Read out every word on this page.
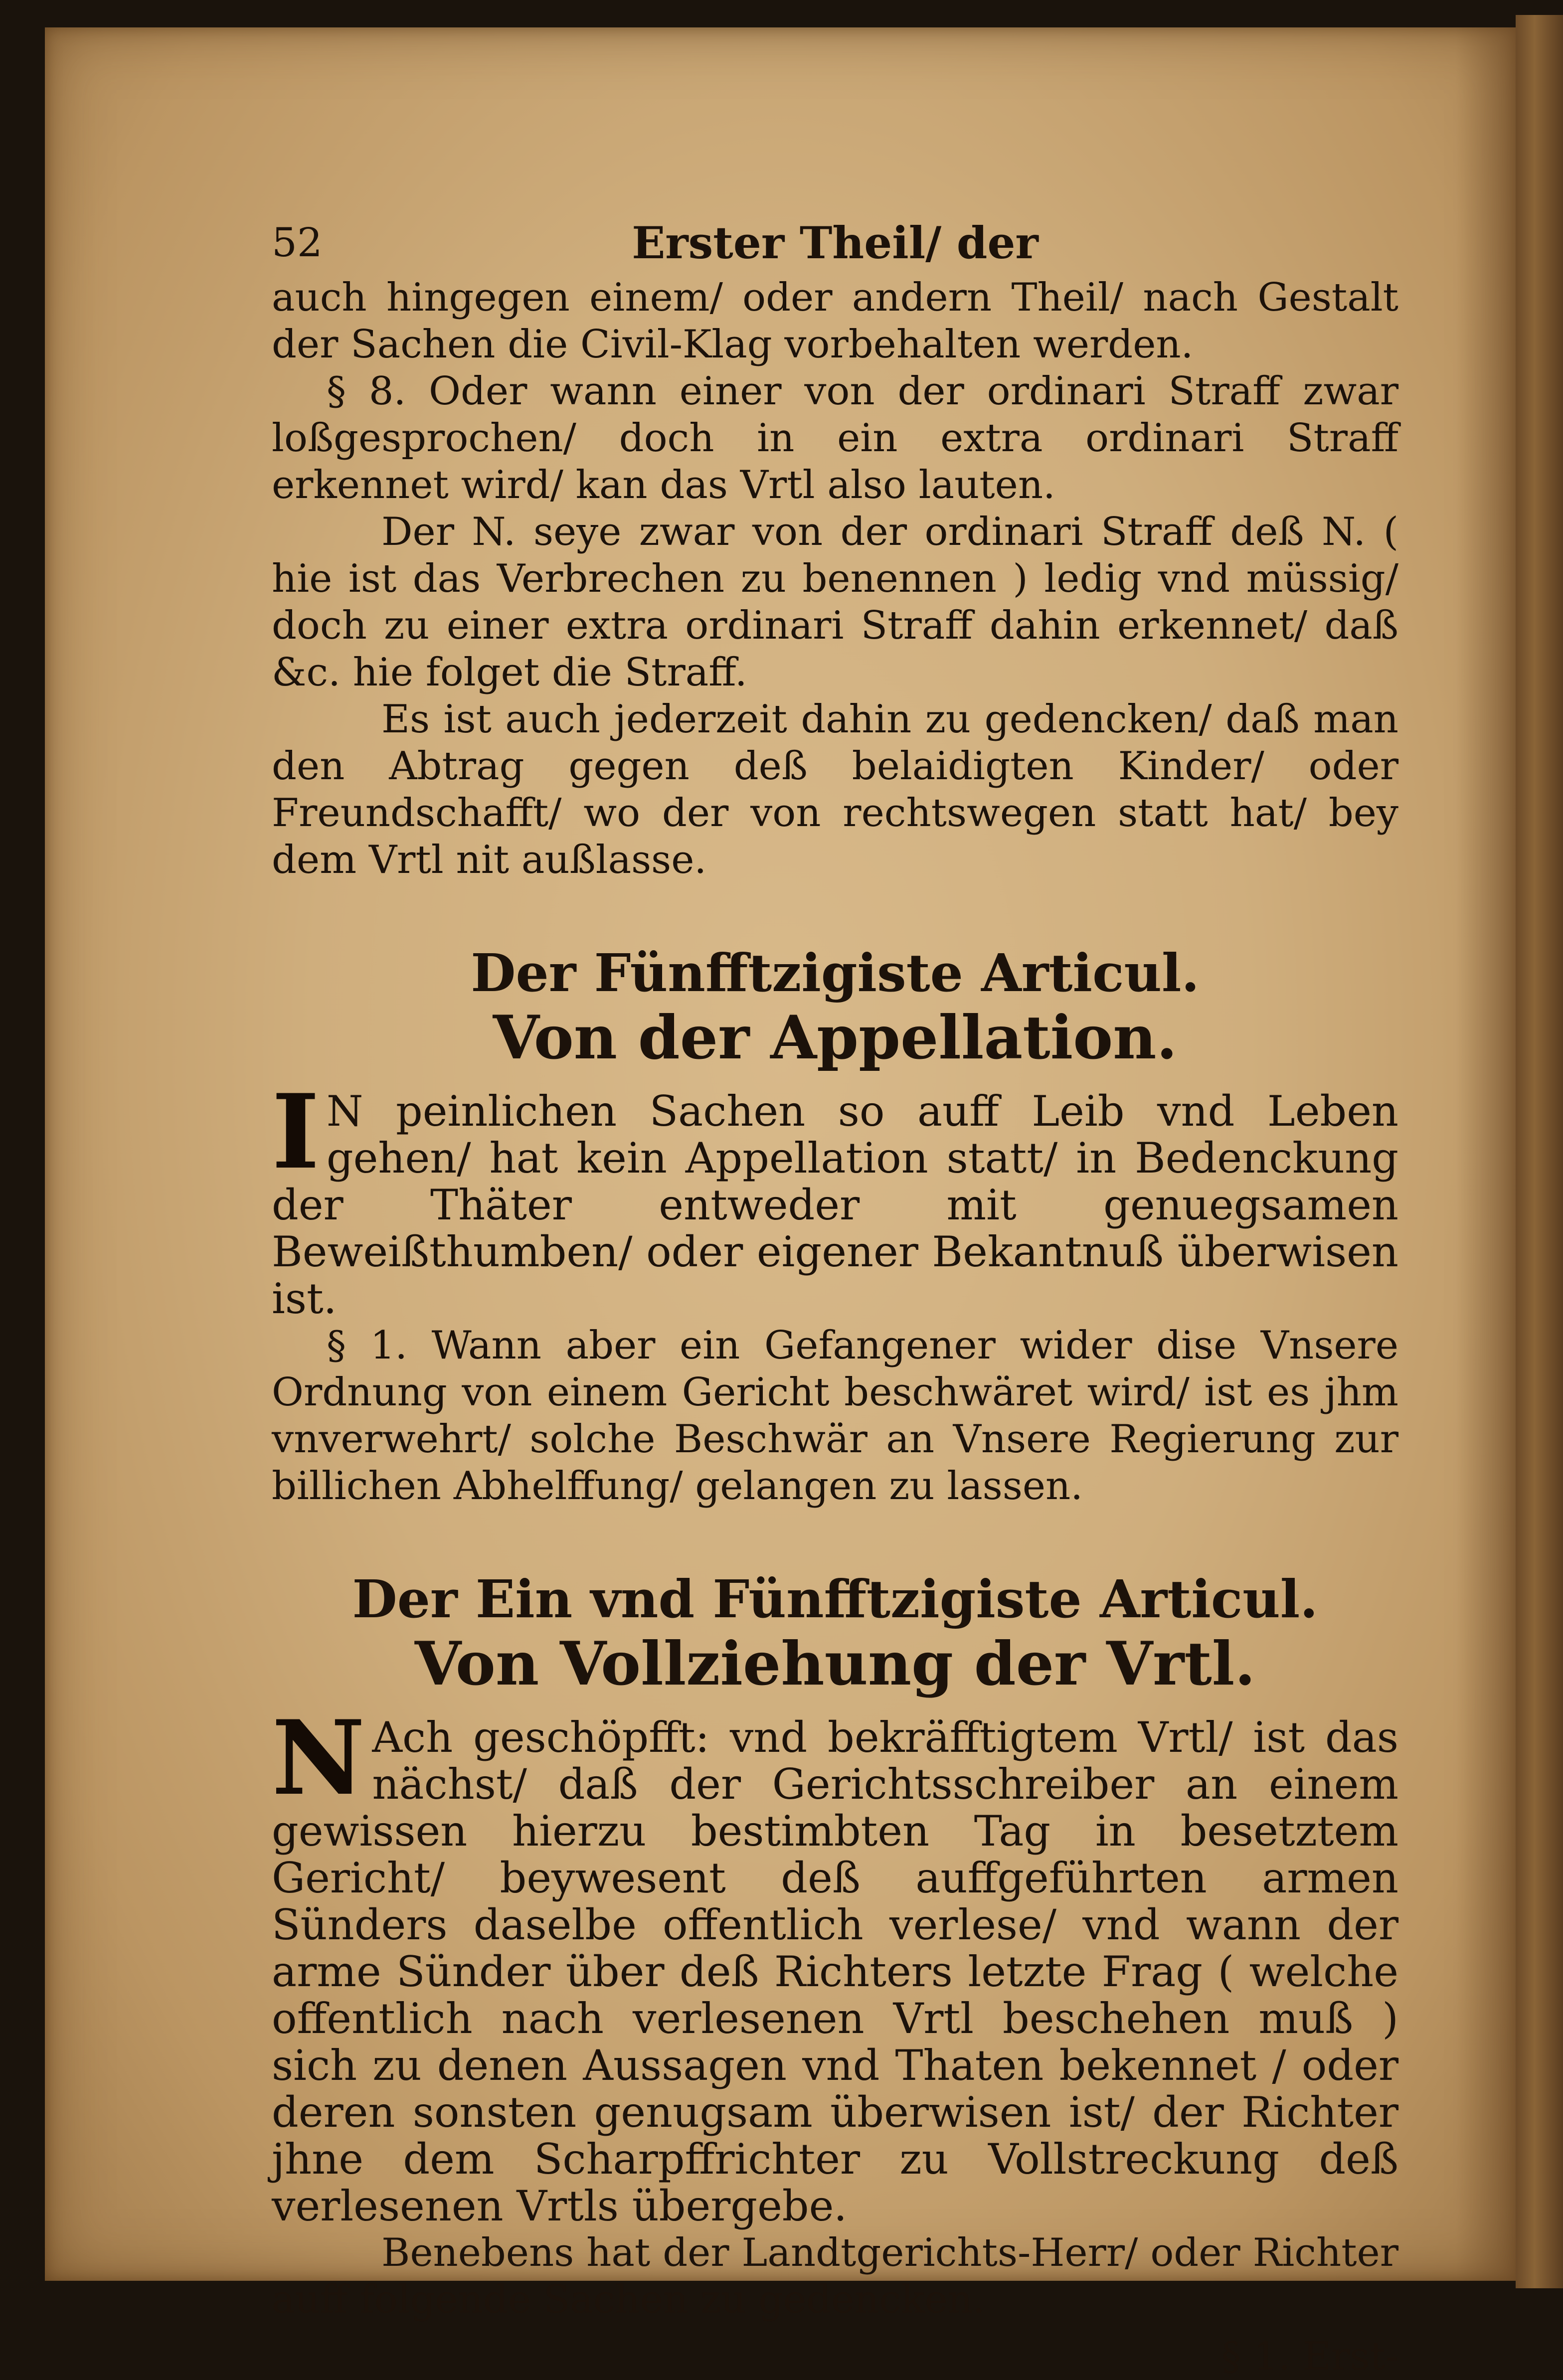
52	Erster Theil/ der

auch hingegen einem/ oder andern Theil/ nach Gestalt der Sachen die Civil-Klag vorbehalten werden.

§ 8. Oder wann einer von der ordinari Straff zwar loßgesprochen/ doch in ein extra ordinari Straff erkennet wird/ kan das Vrtl also lauten.

Der N. seye zwar von der ordinari Straff deß N. ( hie ist das Verbrechen zu benennen ) ledig vnd müssig/ doch zu einer extra ordinari Straff dahin erkennet/ daß &c. hie folget die Straff.

Es ist auch jederzeit dahin zu gedencken/ daß man den Abtrag gegen deß belaidigten Kinder/ oder Freundschafft/ wo der von rechtswegen statt hat/ bey dem Vrtl nit außlasse.

Der Fünfftzigiste Articul.
Von der Appellation.

I N peinlichen Sachen so auff Leib vnd Leben gehen/ hat kein Appellation statt/ in Bedenckung der Thäter entweder mit genuegsamen Beweißthumben/ oder eigener Bekantnuß überwisen ist.

§ 1. Wann aber ein Gefangener wider dise Vnsere Ordnung von einem Gericht beschwäret wird/ ist es jhm vnverwehrt/ solche Beschwär an Vnsere Regierung zur billichen Abhelffung/ gelangen zu lassen.

Der Ein vnd Fünfftzigiste Articul.
Von Vollziehung der Vrtl.

N Ach geschöpfft: vnd bekräfftigtem Vrtl/ ist das nächst/ daß der Gerichtsschreiber an einem gewissen hierzu bestimbten Tag in besetztem Gericht/ beywesent deß auffgeführten armen Sünders daselbe offentlich verlese/ vnd wann der arme Sünder über deß Richters letzte Frag ( welche offentlich nach verlesenen Vrtl beschehen muß ) sich zu denen Aussagen vnd Thaten bekennet / oder deren sonsten genugsam überwisen ist/ der Richter jhne dem Scharpffrichter zu Vollstreckung deß verlesenen Vrtls übergebe.

Benebens hat der Landtgerichts-Herr/ oder Richter auff folgende Sachen zu gedencken.

§ 1. Erst-
